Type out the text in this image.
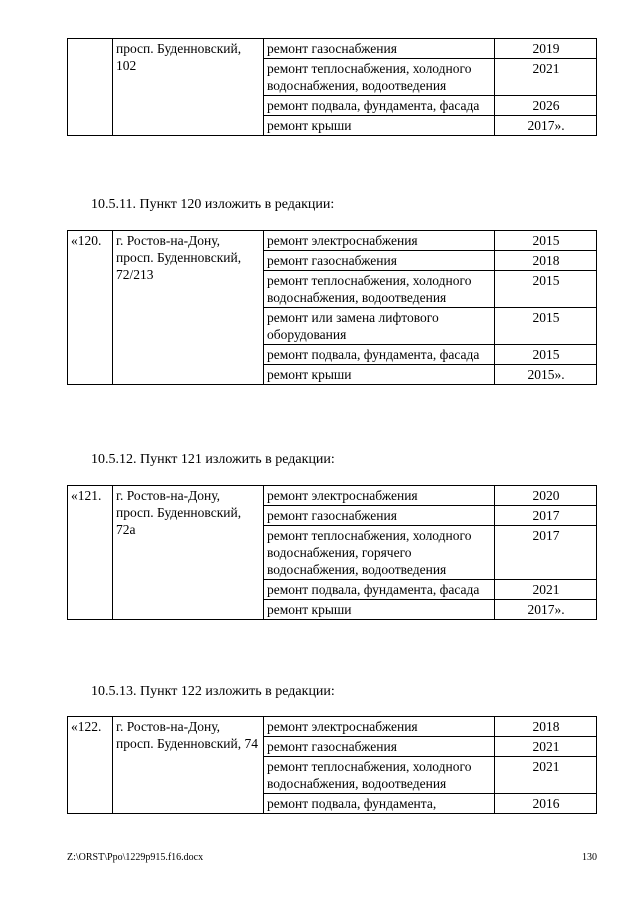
	просп. Буденновский, 102	ремонт газоснабжения	2019
		ремонт теплоснабжения, холодного водоснабжения, водоотведения	2021
		ремонт подвала, фундамента, фасада	2026
		ремонт крыши	2017».
10.5.11. Пункт 120 изложить в редакции:
«120.	г. Ростов-на-Дону, просп. Буденновский, 72/213	ремонт электроснабжения	2015
		ремонт газоснабжения	2018
		ремонт теплоснабжения, холодного водоснабжения, водоотведения	2015
		ремонт или замена лифтового оборудования	2015
		ремонт подвала, фундамента, фасада	2015
		ремонт крыши	2015».
10.5.12. Пункт 121 изложить в редакции:
«121.	г. Ростов-на-Дону, просп. Буденновский, 72а	ремонт электроснабжения	2020
		ремонт газоснабжения	2017
		ремонт теплоснабжения, холодного водоснабжения, горячего водоснабжения, водоотведения	2017
		ремонт подвала, фундамента, фасада	2021
		ремонт крыши	2017».
10.5.13. Пункт 122 изложить в редакции:
«122.	г. Ростов-на-Дону, просп. Буденновский, 74	ремонт электроснабжения	2018
		ремонт газоснабжения	2021
		ремонт теплоснабжения, холодного водоснабжения, водоотведения	2021
		ремонт подвала, фундамента,	2016
Z:\ORST\Ppo\1229p915.f16.docx	130
